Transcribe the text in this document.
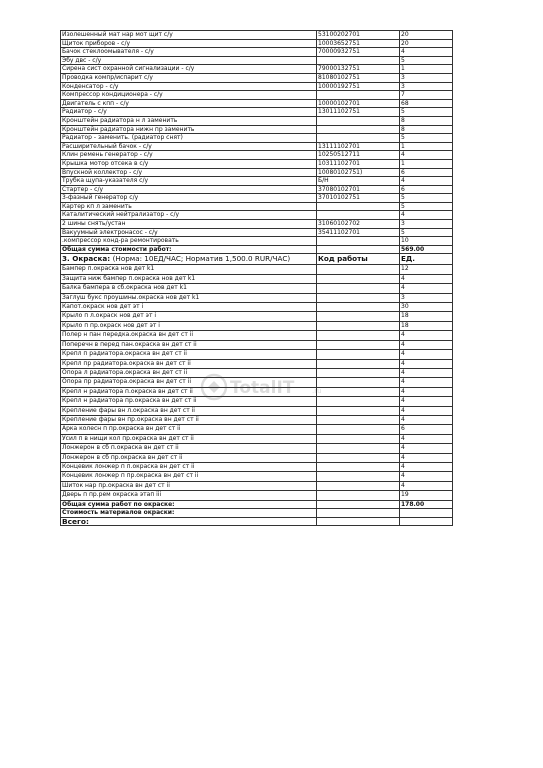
Изолешенный мат нар мот щит с/у	53100202701	20
Щиток приборов - с/у	10003652751	20
Бачок стеклоомывателя - с/у	70000932751	4
Эбу двс - с/у		5
Сирена сист охранной сигнализации - с/у	79000132751	1
Проводка компр/испарит с/у	81080102751	3
Конденсатор - с/у	10000192751	3
Компрессор кондиционера - с/у		7
Двигатель с кпп - с/у	10000102701	68
Радиатор - с/у	13011102751	5
Кронштейн радиатора н л заменить		8
Кронштейн радиатора нижн пр заменить		8
Радиатор - заменить. (радиатор снят)		5
Расширительный бачок - с/у	13111102701	1
Клин ремень генератор - с/у	10250512711	4
Крышка мотор отсека в с/у	10311102701	1
Впускной коллектор - с/у	10080102751)	6
Трубка щупа-указателя с/у	Б/Н	4
Стартер - с/у	37080102701	6
3-фазный генератор с/у	37010102751	5
Картер кп л заменить		5
Каталитический нейтрализатор - с/у		4
2 шины снять/устан	31060102702	3
Вакуумный электронасос - с/у	35411102701	5
.компрессор конд-ра ремонтировать		10
Общая сумма стоимости работ:		569.00
3. Окраска: (Норма: 10ЕД/ЧАС; Норматив 1,500.0 RUR/ЧАС)	Код работы	ЕД.
Бампер п.окраска нов дет k1		12
Защита ниж бампер п.окраска нов дет k1		4
Балка бампера в сб.окраска нов дет k1		4
Заглуш букс проушины.окраска нов дет k1		3
Капот.окраск нов дет эт i		30
Крыло п л.окраск нов дет эт i		18
Крыло п пр.окраск нов дет эт i		18
Полер н пан передка.окраска вн дет ст ii		4
Поперечн в перед пан.окраска вн дет ст ii		4
Крепл п радиатора.окраска вн дет ст ii		4
Крепл пр радиатора.окраска вн дет ст ii		4
Опора л радиатора.окраска вн дет ст ii		4
Опора пр радиатора.окраска вн дет ст ii		4
Крепл н радиатора п.окраска вн дет ст ii		4
Крепл н радиатора пр.окраска вн дет ст ii		4
Крепление фары вн л.окраска вн дет ст ii		4
Крепление фары вн пр.окраска вн дет ст ii		4
Арка колесн п пр.окраска вн дет ст ii		6
Усил п в нищи кол пр.окраска вн дет ст ii		4
Лонжерон в сб п.окраска вн дет ст ii		4
Лонжерон в сб пр.окраска вн дет ст ii		4
Концевик лонжер п п.окраска вн дет ст ii		4
Концевик лонжер п пр.окраска вн дет ст ii		4
Шиток нар пр.окраска вн дет ст ii		4
Дверь п пр.рем окраска этап iii		19
Общая сумма работ по окраске:		178.00
Стоимость материалов окраски:		
Всего:		
TotalIT	.ru
